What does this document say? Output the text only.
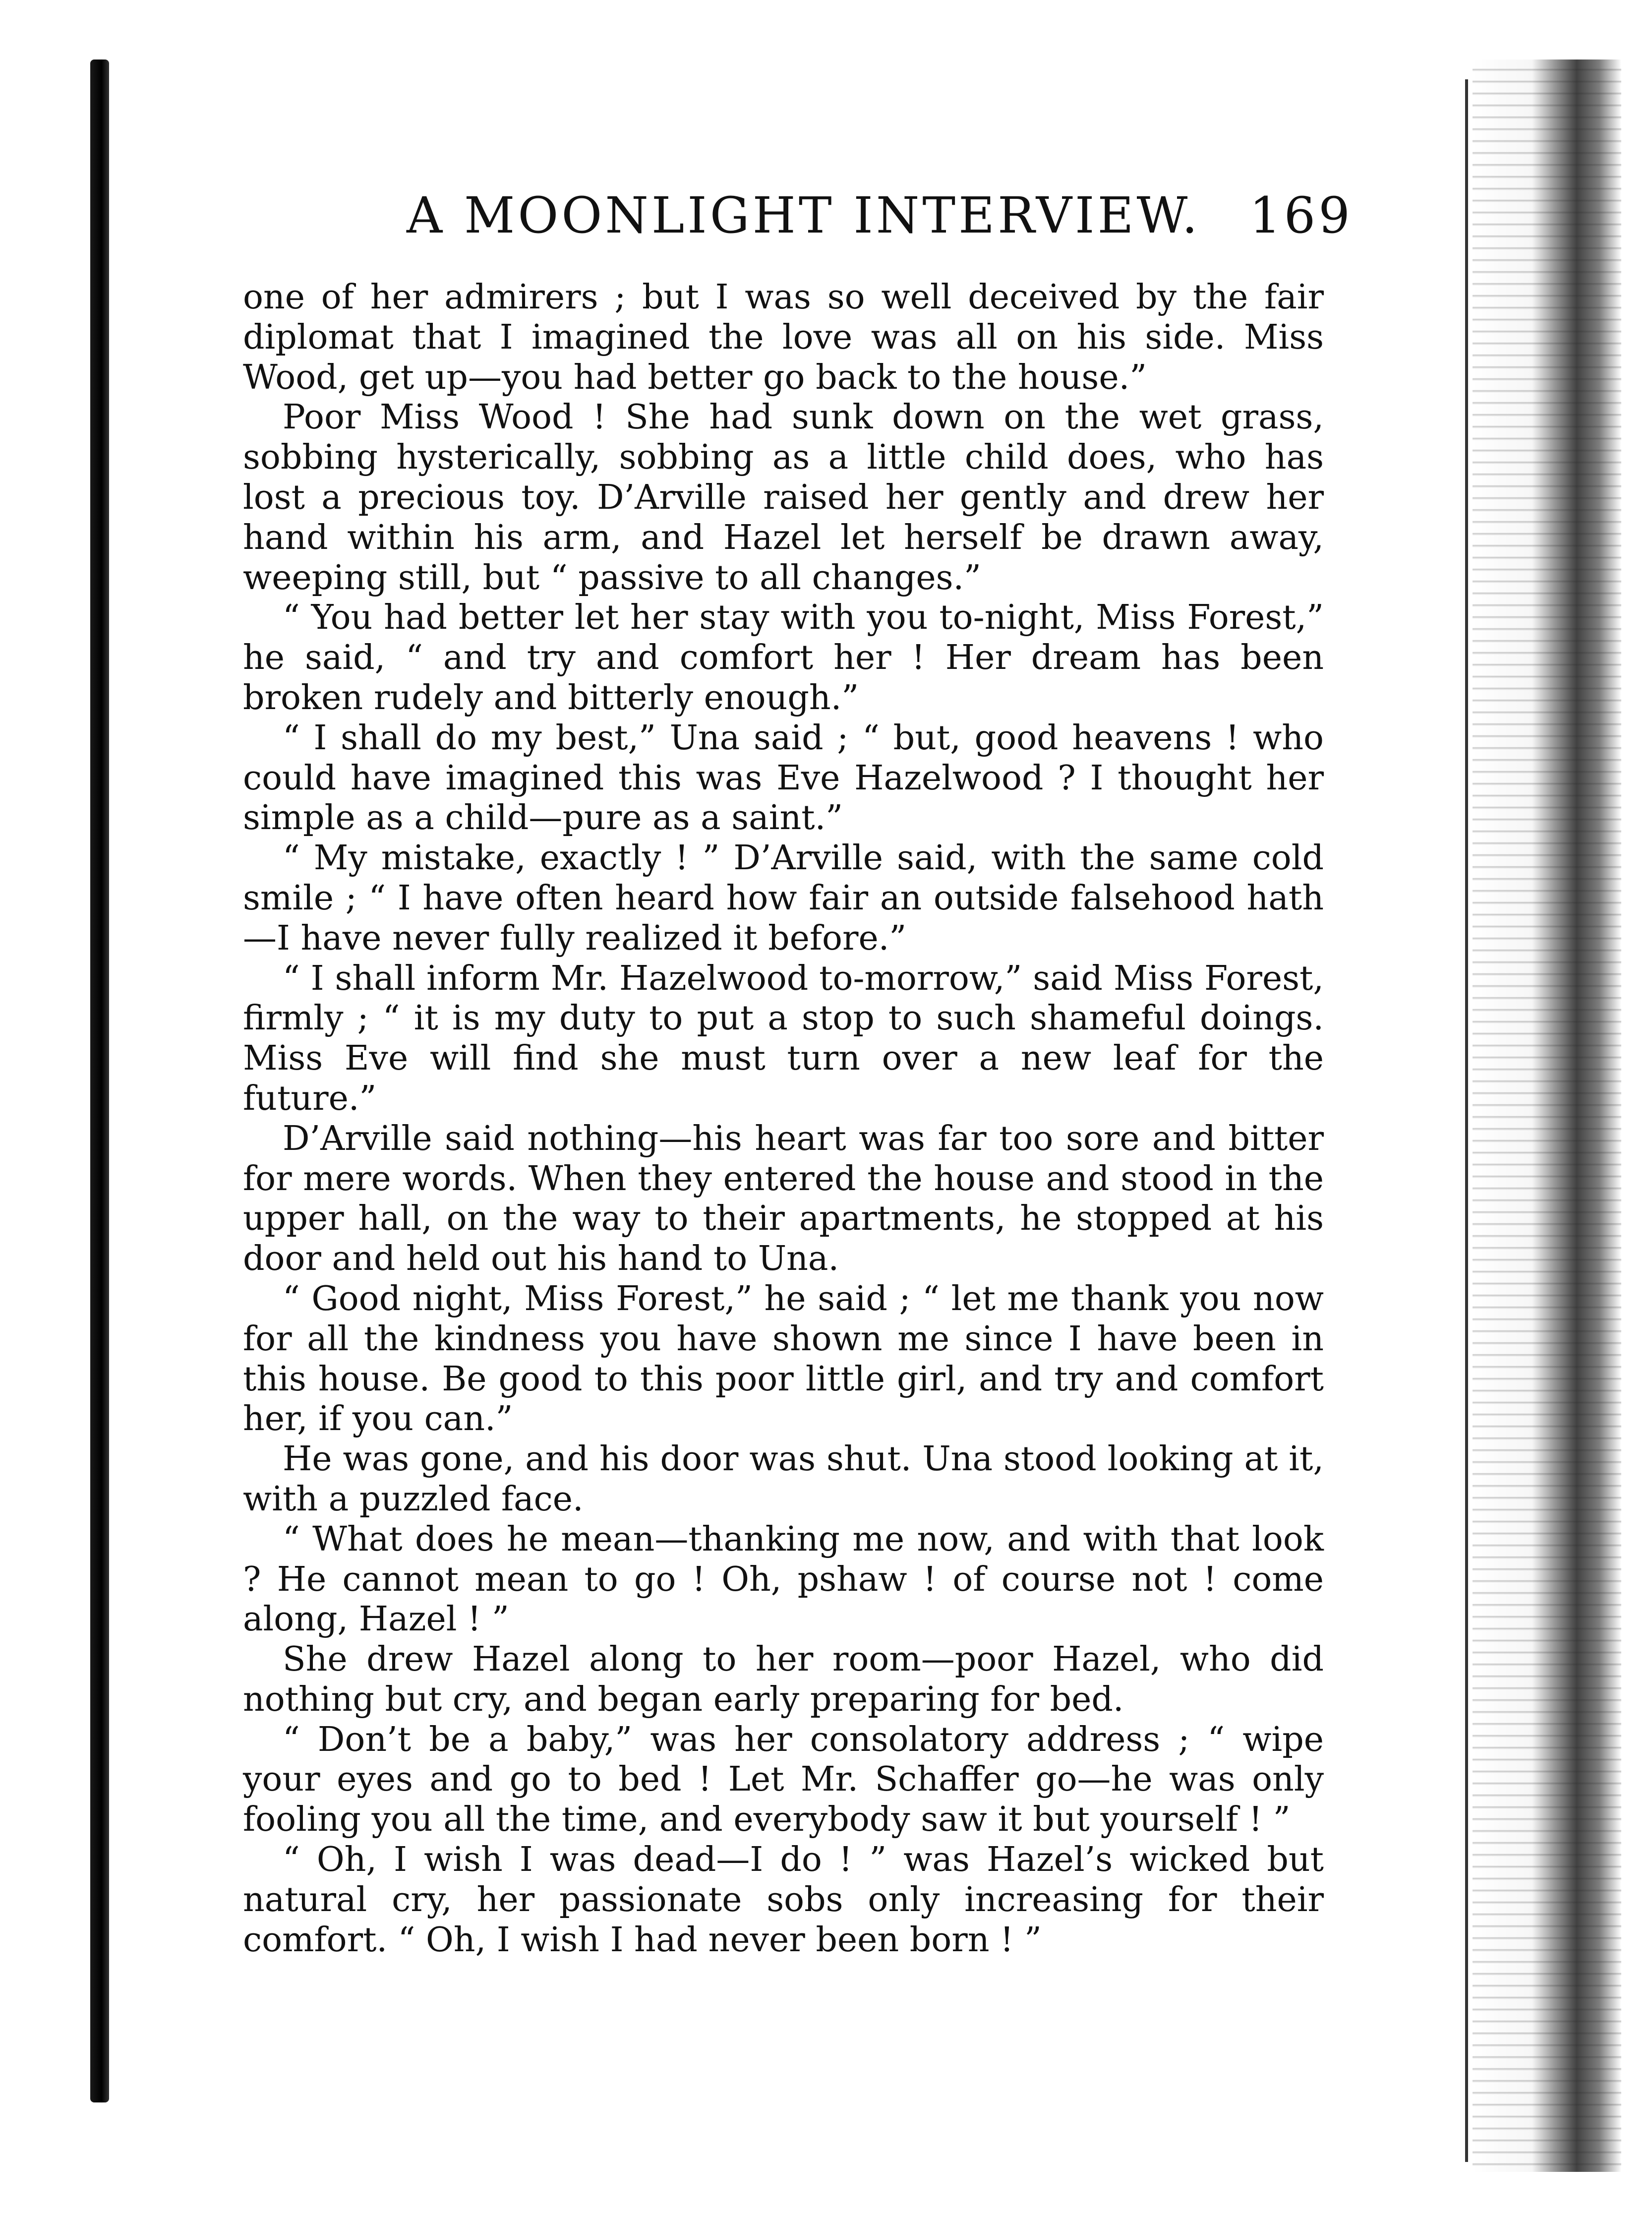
A MOONLIGHT INTERVIEW. 169

one of her admirers ; but I was so well deceived by the fair diplomat that I imagined the love was all on his side. Miss Wood, get up—you had better go back to the house.”

Poor Miss Wood ! She had sunk down on the wet grass, sobbing hysterically, sobbing as a little child does, who has lost a precious toy. D’Arville raised her gently and drew her hand within his arm, and Hazel let herself be drawn away, weeping still, but “ passive to all changes.”

“ You had better let her stay with you to-night, Miss Forest,” he said, “ and try and comfort her ! Her dream has been broken rudely and bitterly enough.”

“ I shall do my best,” Una said ; “ but, good heavens ! who could have imagined this was Eve Hazelwood ? I thought her simple as a child—pure as a saint.”

“ My mistake, exactly ! ” D’Arville said, with the same cold smile ; “ I have often heard how fair an outside falsehood hath—I have never fully realized it before.”

“ I shall inform Mr. Hazelwood to-morrow,” said Miss Forest, firmly ; “ it is my duty to put a stop to such shameful doings. Miss Eve will find she must turn over a new leaf for the future.”

D’Arville said nothing—his heart was far too sore and bitter for mere words. When they entered the house and stood in the upper hall, on the way to their apartments, he stopped at his door and held out his hand to Una.

“ Good night, Miss Forest,” he said ; “ let me thank you now for all the kindness you have shown me since I have been in this house. Be good to this poor little girl, and try and comfort her, if you can.”

He was gone, and his door was shut. Una stood looking at it, with a puzzled face.

“ What does he mean—thanking me now, and with that look ? He cannot mean to go ! Oh, pshaw ! of course not ! come along, Hazel ! ”

She drew Hazel along to her room—poor Hazel, who did nothing but cry, and began early preparing for bed.

“ Don’t be a baby,” was her consolatory address ; “ wipe your eyes and go to bed ! Let Mr. Schaffer go—he was only fooling you all the time, and everybody saw it but yourself ! ”

“ Oh, I wish I was dead—I do ! ” was Hazel’s wicked but natural cry, her passionate sobs only increasing for their comfort. “ Oh, I wish I had never been born ! ”
